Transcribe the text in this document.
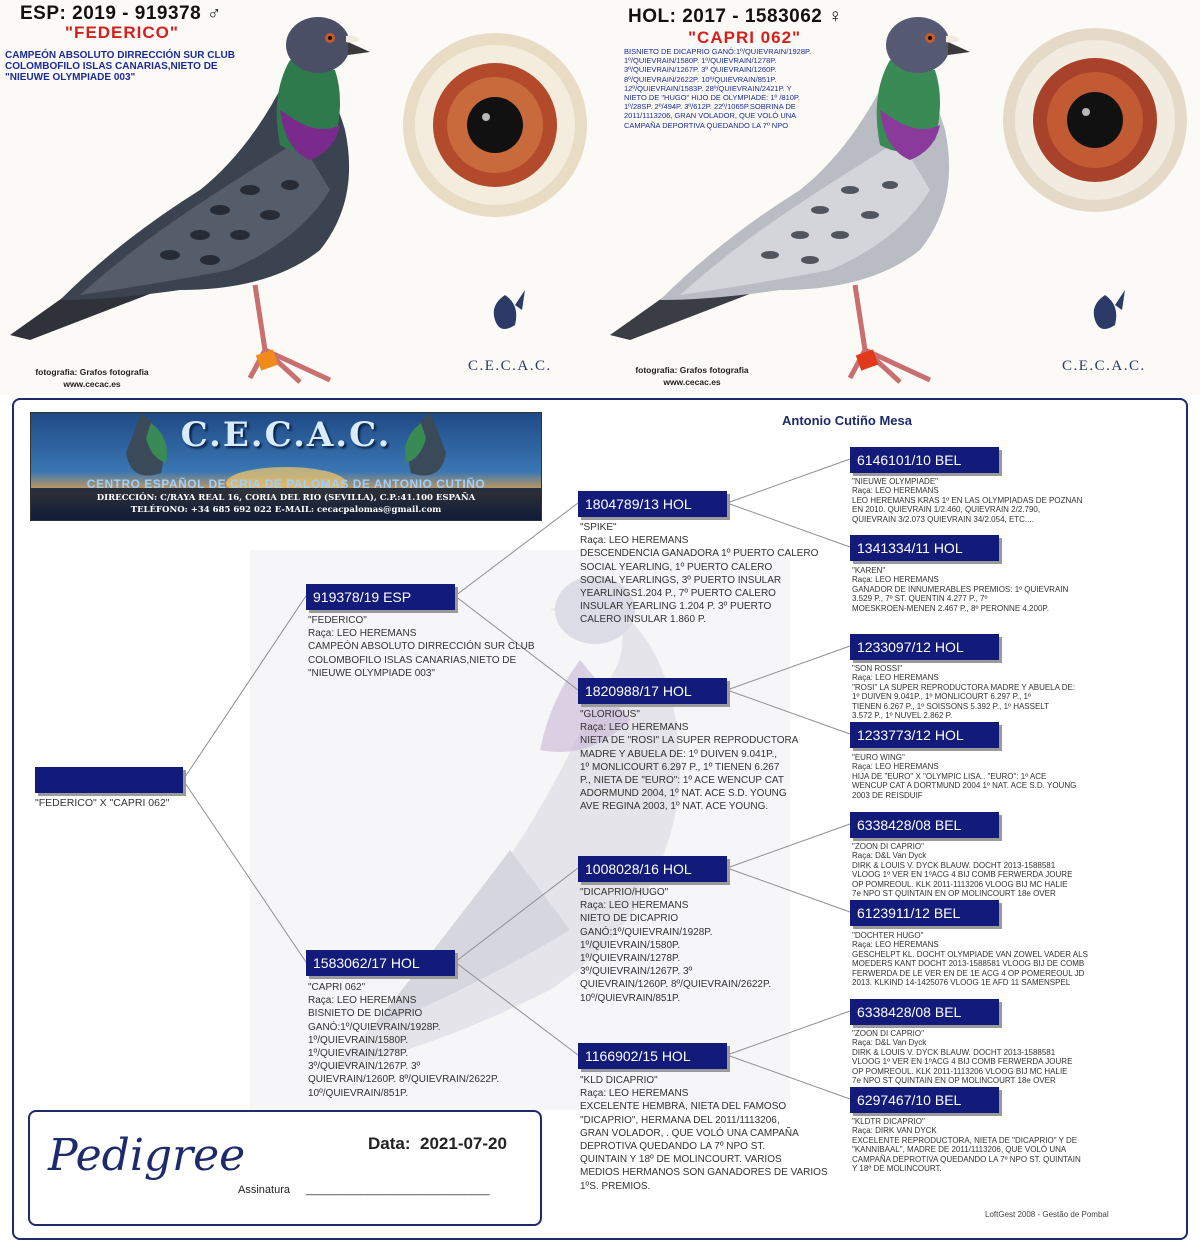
ESP: 2019 - 919378 ♂
"FEDERICO"
CAMPEÓN ABSOLUTO DIRRECCIÓN SUR CLUB
COLOMBOFILO ISLAS CANARIAS,NIETO DE
"NIEUWE OLYMPIADE 003"
fotografia: Grafos fotografia
www.cecac.es
C.E.C.A.C.
HOL: 2017 - 1583062 ♀
"CAPRI 062"
BISNIETO DE DICAPRIO GANÓ:1º/QUIEVRAIN/1928P.
1º/QUIEVRAIN/1580P. 1º/QUIEVRAIN/1278P.
3º/QUIEVRAIN/1267P. 3º QUIEVRAIN/1260P.
8º/QUIEVRAIN/2622P. 10º/QUIEVRAIN/851P.
12º/QUIEVRAIN/1583P. 28º/QUIEVRAIN/2421P. Y
NIETO DE "HUGO" HIJO DE OLYMPIADE: 1º /810P.
1º/28SP. 2º/494P. 3º/612P. 22º/1065P.SOBRINA DE
2011/1113206, GRAN VOLADOR, QUE VOLÓ UNA
CAMPAÑA DEPORTIVA QUEDANDO LA 7º NPO
fotografia: Grafos fotografia
www.cecac.es
C.E.C.A.C.
C.E.C.A.C.
CENTRO ESPAÑOL DE CRIA DE PALOMAS DE ANTONIO CUTIÑO
DIRECCIÓN: C/RAYA REAL 16, CORIA DEL RIO (SEVILLA), C.P.:41.100 ESPAÑA
TELÉFONO: +34 685 692 022 E-MAIL: cecacpalomas@gmail.com
Antonio Cutiño Mesa
"FEDERICO" X "CAPRI 062"
919378/19 ESP
"FEDERICO"
Raça: LEO HEREMANS
CAMPEÓN ABSOLUTO DIRRECCIÓN SUR CLUB
COLOMBOFILO ISLAS CANARIAS,NIETO DE
"NIEUWE OLYMPIADE 003"
1583062/17 HOL
"CAPRI 062"
Raça: LEO HEREMANS
BISNIETO DE DICAPRIO
GANÓ:1º/QUIEVRAIN/1928P.
1º/QUIEVRAIN/1580P.
1º/QUIEVRAIN/1278P.
3º/QUIEVRAIN/1267P. 3º
QUIEVRAIN/1260P. 8º/QUIEVRAIN/2622P.
10º/QUIEVRAIN/851P.
1804789/13 HOL
"SPIKE"
Raça: LEO HEREMANS
DESCENDENCIA GANADORA 1º PUERTO CALERO
SOCIAL YEARLING, 1º PUERTO CALERO
SOCIAL YEARLINGS, 3º PUERTO INSULAR
YEARLINGS1.204 P., 7º PUERTO CALERO
INSULAR YEARLING 1.204 P. 3º PUERTO
CALERO INSULAR 1.860 P.
1820988/17 HOL
"GLORIOUS"
Raça: LEO HEREMANS
NIETA DE "ROSI" LA SUPER REPRODUCTORA
MADRE Y ABUELA DE: 1º DUIVEN 9.041P.,
1º MONLICOURT 6.297 P., 1º TIENEN 6.267
P., NIETA DE "EURO": 1º ACE WENCUP CAT
ADORMUND 2004, 1º NAT. ACE S.D. YOUNG
AVE REGINA 2003, 1º NAT. ACE YOUNG.
1008028/16 HOL
"DICAPRIO/HUGO"
Raça: LEO HEREMANS
NIETO DE DICAPRIO
GANÓ:1º/QUIEVRAIN/1928P.
1º/QUIEVRAIN/1580P.
1º/QUIEVRAIN/1278P.
3º/QUIEVRAIN/1267P. 3º
QUIEVRAIN/1260P. 8º/QUIEVRAIN/2622P.
10º/QUIEVRAIN/851P.
1166902/15 HOL
"KLD DICAPRIO"
Raça: LEO HEREMANS
EXCELENTE HEMBRA, NIETA DEL FAMOSO
"DICAPRIO", HERMANA DEL 2011/1113206,
GRAN VOLADOR, . QUE VOLÓ UNA CAMPAÑA
DEPROTIVA QUEDANDO LA 7º NPO ST.
QUINTAIN Y 18º DE MOLINCOURT. VARIOS
MEDIOS HERMANOS SON GANADORES DE VARIOS
1ºS. PREMIOS.
6146101/10 BEL
"NIEUWE OLYMPIADE"
Raça: LEO HEREMANS
LEO HEREMANS KRAS 1º EN LAS OLYMPIADAS DE POZNAN
EN 2010. QUIEVRAIN 1/2.460, QUIEVRAIN 2/2.790,
QUIEVRAIN 3/2.073 QUIEVRAIN 34/2.054, ETC....
1341334/11 HOL
"KAREN"
Raça: LEO HEREMANS
GANADOR DE INNUMERABLES PREMIOS: 1º QUIEVRAIN
3.529 P., 7º ST. QUENTIN 4.277 P., 7º
MOESKROEN-MENEN 2.467 P., 8º PERONNE 4.200P.
1233097/12 HOL
"SON ROSSI"
Raça: LEO HEREMANS
"ROSI" LA SUPER REPRODUCTORA MADRE Y ABUELA DE:
1º DUIVEN 9.041P., 1º MONLICOURT 6.297 P., 1º
TIENEN 6.267 P., 1º SOISSONS 5.392 P., 1º HASSELT
3.572 P., 1º NUVEL 2.862 P.
1233773/12 HOL
"EURO WING"
Raça: LEO HEREMANS
HIJA DE "EURO" X "OLYMPIC LISA.. "EURO": 1º ACE
WENCUP CAT A DORTMUND 2004 1º NAT. ACE S.D. YOUNG
2003 DE REISDUIF
6338428/08 BEL
"ZOON DI CAPRIO"
Raça: D&L Van Dyck
DIRK & LOUIS V. DYCK BLAUW. DOCHT 2013-1588581
VLOOG 1º VER EN 1ºACG 4 BIJ COMB FERWERDA JOURE
OP POMREOUL. KLK 2011-1113206 VLOOG BIJ MC HALIE
7e NPO ST QUINTAIN EN OP MOLINCOURT 18e OVER
6123911/12 BEL
"DOCHTER HUGO"
Raça: LEO HEREMANS
GESCHELPT KL. DOCHT OLYMPIADE VAN ZOWEL VADER ALS
MOEDERS KANT DOCHT 2013-1588581 VLOOG BIJ DE COMB
FERWERDA DE LE VER EN DE 1E ACG 4 OP POMEREOUL JD
2013. KLKIND 14-1425076 VLOOG 1E AFD 11 SAMENSPEL
6338428/08 BEL
"ZOON DI CAPRIO"
Raça: D&L Van Dyck
DIRK & LOUIS V. DYCK BLAUW. DOCHT 2013-1588581
VLOOG 1º VER EN 1ºACG 4 BIJ COMB FERWERDA JOURE
OP POMREOUL. KLK 2011-1113206 VLOOG BIJ MC HALIE
7e NPO ST QUINTAIN EN OP MOLINCOURT 18e OVER
6297467/10 BEL
"KLDTR DICAPRIO"
Raça: DIRK VAN DYCK
EXCELENTE REPRODUCTORA, NIETA DE "DICAPRIO" Y DE
"KANNIBAAL", MADRE DE 2011/1113206, QUE VOLÓ UNA
CAMPAÑA DEPROTIVA QUEDANDO LA 7º NPO ST. QUINTAIN
Y 18º DE MOLINCOURT.
Pedigree	Data: 2021-07-20
Assinatura ______________________________
LoftGest 2008 - Gestão de Pombal
